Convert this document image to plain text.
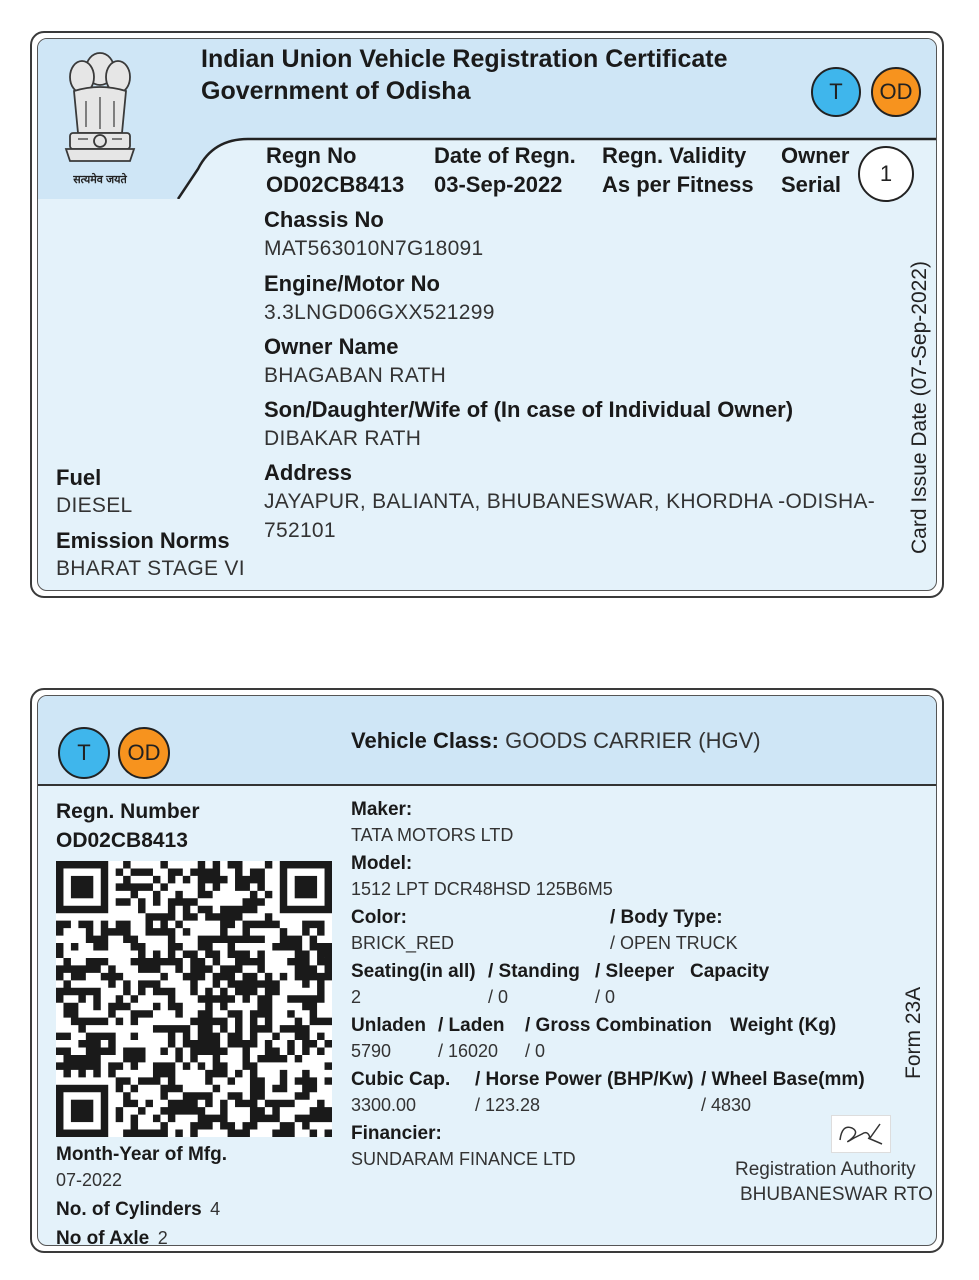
सत्यमेव जयते
Indian Union Vehicle Registration Certificate
Government of Odisha	T	OD
Regn No
OD02CB8413
Date of Regn.
03-Sep-2022
Regn. Validity
As per Fitness
Owner
Serial	1
Chassis No
MAT563010N7G18091
Engine/Motor No
3.3LNGD06GXX521299
Owner Name
BHAGABAN RATH
Son/Daughter/Wife of (In case of Individual Owner)
DIBAKAR RATH
Address
JAYAPUR, BALIANTA, BHUBANESWAR, KHORDHA -ODISHA-
752101
Fuel
DIESEL
Emission Norms
BHARAT STAGE VI
Card Issue Date (07-Sep-2022)
T	OD	Vehicle Class: GOODS CARRIER (HGV)
Regn. Number
OD02CB8413
Month-Year of Mfg.
07-2022
No. of Cylinders 4
No of Axle 2
Maker:
TATA MOTORS LTD
Model:
1512 LPT DCR48HSD 125B6M5
Color:	/ Body Type:
BRICK_RED	/ OPEN TRUCK
Seating(in all) / Standing / Sleeper Capacity
2	/ 0	/ 0
Unladen / Laden / Gross Combination Weight (Kg)
5790	/ 16020 / 0
Cubic Cap. / Horse Power (BHP/Kw) / Wheel Base(mm)
3300.00	/ 123.28	/ 4830
Financier:
SUNDARAM FINANCE LTD	Registration Authority
BHUBANESWAR RTO
Form 23A
